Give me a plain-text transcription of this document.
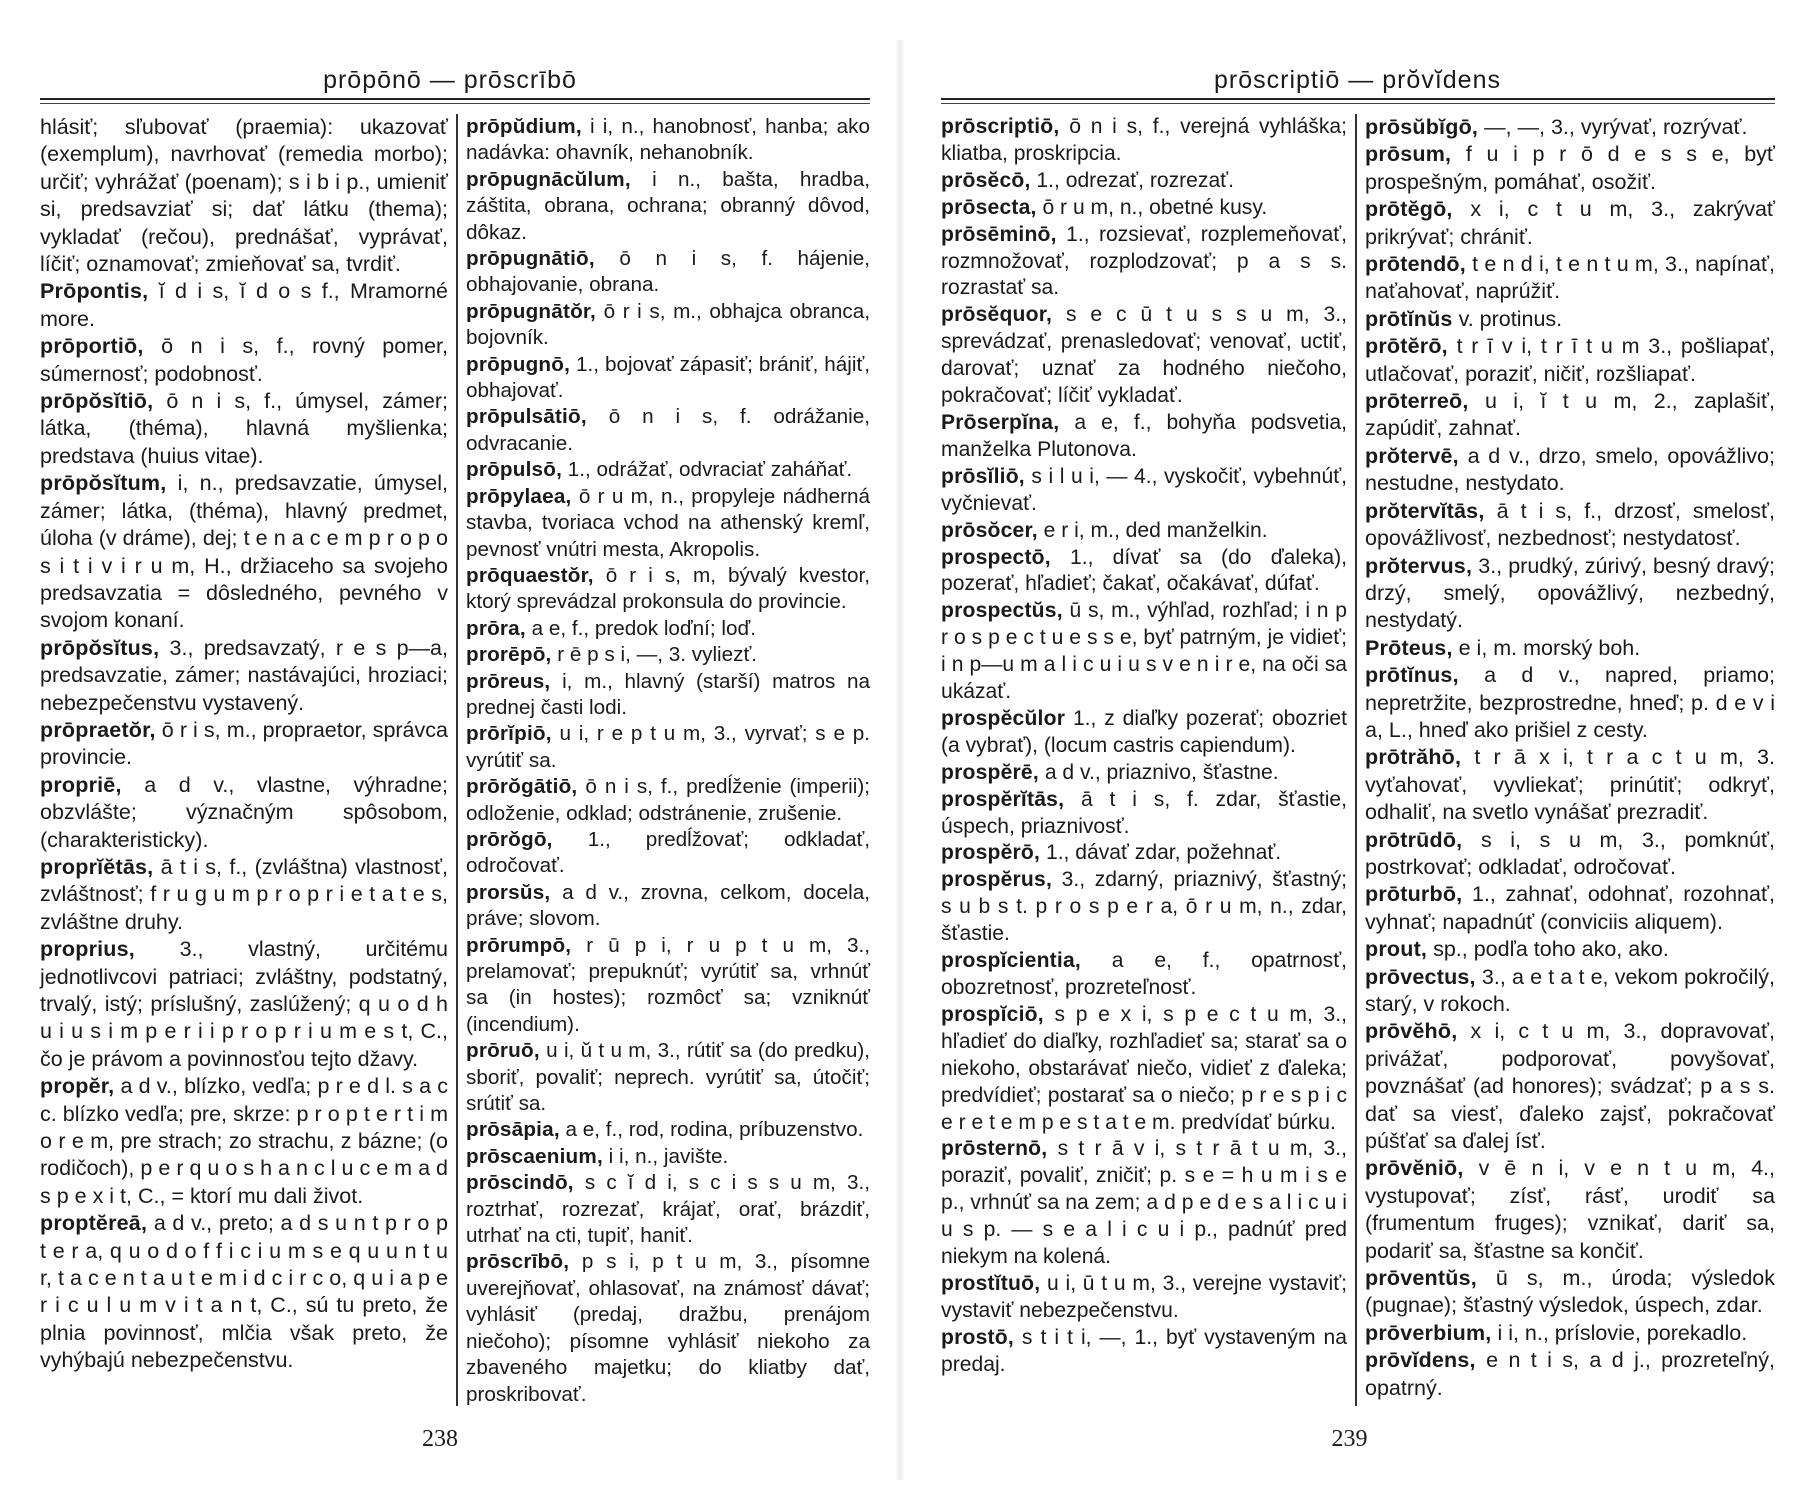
prōpōnō — prōscrībō

hlásiť; sľubovať (praemia): ukazovať (exemplum), navrhovať (remedia morbo); určiť; vyhrážať (poenam); s i b i p., umieniť si, predsavziať si; dať látku (thema); vykladať (rečou), prednášať, vyprávať, líčiť; oznamovať; zmieňovať sa, tvrdiť.

Prōpontis, ĭ d i s, ĭ d o s f., Mramorné more.

prōportiō, ō n i s, f., rovný pomer, súmernosť; podobnosť.

prōpŏsĭtiō, ō n i s, f., úmysel, zámer; látka, (théma), hlavná myšlienka; predstava (huius vitae).

prōpŏsĭtum, i, n., predsavzatie, úmysel, zámer; látka, (théma), hlavný predmet, úloha (v dráme), dej; t e n a c e m p r o p o s i t i v i r u m, H., držiaceho sa svojeho predsavzatia = dôsledného, pevného v svojom konaní.

prōpŏsĭtus, 3., predsavzatý, r e s p—a, predsavzatie, zámer; nastávajúci, hroziaci; nebezpečenstvu vystavený.

prōpraetŏr, ō r i s, m., propraetor, správca provincie.

propriē, a d v., vlastne, výhradne; obzvlášte; význačným spôsobom, (charakteristicky).

proprĭĕtās, ā t i s, f., (zvláštna) vlastnosť, zvláštnosť; f r u g u m p r o p r i e t a t e s, zvláštne druhy.

proprius, 3., vlastný, určitému jednotlivcovi patriaci; zvláštny, podstatný, trvalý, istý; príslušný, zaslúžený; q u o d h u i u s i m p e r i i p r o p r i u m e s t, C., čo je právom a povinnosťou tejto džavy.

propĕr, a d v., blízko, vedľa; p r e d l. s a c c. blízko vedľa; pre, skrze: p r o p t e r t i m o r e m, pre strach; zo strachu, z bázne; (o rodičoch), p e r q u o s h a n c l u c e m a d s p e x i t, C., = ktorí mu dali život.

proptĕreā, a d v., preto; a d s u n t p r o p t e r a, q u o d o f f i c i u m s e q u u n t u r, t a c e n t a u t e m i d c i r c o, q u i a p e r i c u l u m v i t a n t, C., sú tu preto, že plnia povinnosť, mlčia však preto, že vyhýbajú nebezpečenstvu.

prōpŭdium, i i, n., hanobnosť, hanba; ako nadávka: ohavník, nehanobník.

prōpugnācŭlum, i n., bašta, hradba, záštita, obrana, ochrana; obranný dôvod, dôkaz.

prōpugnātiō, ō n i s, f. hájenie, obhajovanie, obrana.

prōpugnātŏr, ō r i s, m., obhajca obranca, bojovník.

prōpugnō, 1., bojovať zápasiť; brániť, hájiť, obhajovať.

prōpulsātiō, ō n i s, f. odrážanie, odvracanie.

prōpulsō, 1., odrážať, odvraciať zaháňať.

prōpylaea, ō r u m, n., propyleje nádherná stavba, tvoriaca vchod na athenský kremľ, pevnosť vnútri mesta, Akropolis.

prōquaestŏr, ō r i s, m, bývalý kvestor, ktorý sprevádzal prokonsula do provincie.

prōra, a e, f., predok loďní; loď.

prorēpō, r ē p s i, —, 3. vyliezť.

prōreus, i, m., hlavný (starší) matros na prednej časti lodi.

prōrĭpiō, u i, r e p t u m, 3., vyrvať; s e p. vyrútiť sa.

prōrŏgātiō, ō n i s, f., predĺženie (imperii); odloženie, odklad; odstránenie, zrušenie.

prōrŏgō, 1., predĺžovať; odkladať, odročovať.

prorsŭs, a d v., zrovna, celkom, docela, práve; slovom.

prōrumpō, r ū p i, r u p t u m, 3., prelamovať; prepuknúť; vyrútiť sa, vrhnúť sa (in hostes); rozmôcť sa; vzniknúť (incendium).

prōruō, u i, ŭ t u m, 3., rútiť sa (do predku), sboriť, povaliť; neprech. vyrútiť sa, útočiť; srútiť sa.

prōsāpia, a e, f., rod, rodina, príbuzenstvo.

prōscaenium, i i, n., javište.

prōscindō, s c ĭ d i, s c i s s u m, 3., roztrhať, rozrezať, krájať, orať, brázdiť, utrhať na cti, tupiť, haniť.

prōscrībō, p s i, p t u m, 3., písomne uverejňovať, ohlasovať, na známosť dávať; vyhlásiť (predaj, dražbu, prenájom niečoho); písomne vyhlásiť niekoho za zbaveného majetku; do kliatby dať, proskribovať.

238
prōscriptiō — prŏvĭdens

prōscriptiō, ō n i s, f., verejná vyhláška; kliatba, proskripcia.

prōsĕcō, 1., odrezať, rozrezať.

prōsecta, ō r u m, n., obetné kusy.

prōsēminō, 1., rozsievať, rozplemeňovať, rozmnožovať, rozplodzovať; p a s s. rozrastať sa.

prōsĕquor, s e c ū t u s s u m, 3., sprevádzať, prenasledovať; venovať, uctiť, darovať; uznať za hodného niečoho, pokračovať; líčiť vykladať.

Prōserpĭna, a e, f., bohyňa podsvetia, manželka Plutonova.

prōsĭliō, s i l u i, — 4., vyskočiť, vybehnúť, vyčnievať.

prōsŏcer, e r i, m., ded manželkin.

prospectō, 1., dívať sa (do ďaleka), pozerať, hľadieť; čakať, očakávať, dúfať.

prospectŭs, ū s, m., výhľad, rozhľad; i n p r o s p e c t u e s s e, byť patrným, je vidieť; i n p—u m a l i c u i u s v e n i r e, na oči sa ukázať.

prospĕcŭlor 1., z diaľky pozerať; obozriet (a vybrať), (locum castris capiendum).

prospĕrē, a d v., priaznivo, šťastne.

prospĕrĭtās, ā t i s, f. zdar, šťastie, úspech, priaznivosť.

prospĕrō, 1., dávať zdar, požehnať.

prospĕrus, 3., zdarný, priaznivý, šťastný; s u b s t. p r o s p e r a, ō r u m, n., zdar, šťastie.

prospĭcientia, a e, f., opatrnosť, obozretnosť, prozreteľnosť.

prospĭciō, s p e x i, s p e c t u m, 3., hľadieť do diaľky, rozhľadieť sa; starať sa o niekoho, obstarávať niečo, vidieť z ďaleka; predvídieť; postarať sa o niečo; p r e s p i c e r e t e m p e s t a t e m. predvídať búrku.

prōsternō, s t r ā v i, s t r ā t u m, 3., poraziť, povaliť, zničiť; p. s e = h u m i s e p., vrhnúť sa na zem; a d p e d e s a l i c u i u s p. — s e a l i c u i p., padnúť pred niekym na kolená.

prostĭtuō, u i, ū t u m, 3., verejne vystaviť; vystaviť nebezpečenstvu.

prostō, s t i t i, —, 1., byť vystaveným na predaj.

prōsŭbĭgō, —, —, 3., vyrývať, rozrývať.

prōsum, f u i p r ō d e s s e, byť prospešným, pomáhať, osožiť.

prōtĕgō, x i, c t u m, 3., zakrývať prikrývať; chrániť.

prōtendō, t e n d i, t e n t u m, 3., napínať, naťahovať, naprúžiť.

prōtĭnŭs v. protinus.

prōtĕrō, t r ī v i, t r ī t u m 3., pošliapať, utlačovať, poraziť, ničiť, rozšliapať.

prōterreō, u i, ĭ t u m, 2., zaplašiť, zapúdiť, zahnať.

prŏtervē, a d v., drzo, smelo, opovážlivo; nestudne, nestydato.

prŏtervĭtās, ā t i s, f., drzosť, smelosť, opovážlivosť, nezbednosť; nestydatosť.

prŏtervus, 3., prudký, zúrivý, besný dravý; drzý, smelý, opovážlivý, nezbedný, nestydatý.

Prōteus, e i, m. morský boh.

prōtĭnus, a d v., napred, priamo; nepretržite, bezprostredne, hneď; p. d e v i a, L., hneď ako prišiel z cesty.

prōtrăhō, t r ā x i, t r a c t u m, 3. vyťahovať, vyvliekať; prinútiť; odkryť, odhaliť, na svetlo vynášať prezradiť.

prōtrūdō, s i, s u m, 3., pomknúť, postrkovať; odkladať, odročovať.

prōturbō, 1., zahnať, odohnať, rozohnať, vyhnať; napadnúť (conviciis aliquem).

prout, sp., podľa toho ako, ako.

prōvectus, 3., a e t a t e, vekom pokročilý, starý, v rokoch.

prōvĕhō, x i, c t u m, 3., dopravovať, privážať, podporovať, povyšovať, povznášať (ad honores); svádzať; p a s s. dať sa viesť, ďaleko zajsť, pokračovať púšťať sa ďalej ísť.

prōvĕniō, v ē n i, v e n t u m, 4., vystupovať; zísť, rásť, urodiť sa (frumentum fruges); vznikať, dariť sa, podariť sa, šťastne sa končiť.

prōventŭs, ū s, m., úroda; výsledok (pugnae); šťastný výsledok, úspech, zdar.

prōverbium, i i, n., príslovie, porekadlo.

prōvĭdens, e n t i s, a d j., prozreteľný, opatrný.

239
